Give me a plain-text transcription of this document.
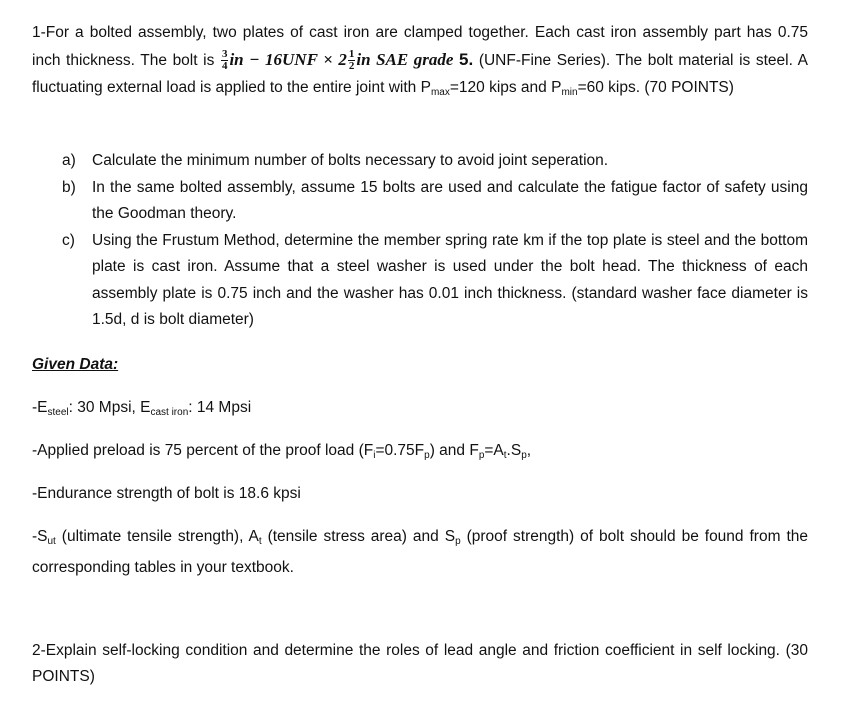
1-For a bolted assembly, two plates of cast iron are clamped together. Each cast iron assembly part has 0.75 inch thickness. The bolt is $\frac{3}{4}$ in − $16UNF \times 2 \frac{1}{2}$ in SAE grade 5. (UNF-Fine Series). The bolt material is steel. A fluctuating external load is applied to the entire joint with $P_{max}=120$ kips and $P_{min}=60$ kips. (70 POINTS)
a) Calculate the minimum number of bolts necessary to avoid joint seperation.
b) In the same bolted assembly, assume 15 bolts are used and calculate the fatigue factor of safety using the Goodman theory.
c) Using the Frustum Method, determine the member spring rate km if the top plate is steel and the bottom plate is cast iron. Assume that a steel washer is used under the bolt head. The thickness of each assembly plate is 0.75 inch and the washer has 0.01 inch thickness. (standard washer face diameter is 1.5d, d is bolt diameter)
Given Data:
$-E_{steel}$: 30 Mpsi, $E_{cast iron}$: 14 Mpsi
-Applied preload is 75 percent of the proof load $(F_i=0.75F_p)$ and $F_p=A_t.S_p$,
-Endurance strength of bolt is 18.6 kpsi
$-S_{ut}$ (ultimate tensile strength), $A_t$ (tensile stress area) and $S_p$ (proof strength) of bolt should be found from the corresponding tables in your textbook.
2-Explain self-locking condition and determine the roles of lead angle and friction coefficient in self locking. (30 POINTS)
